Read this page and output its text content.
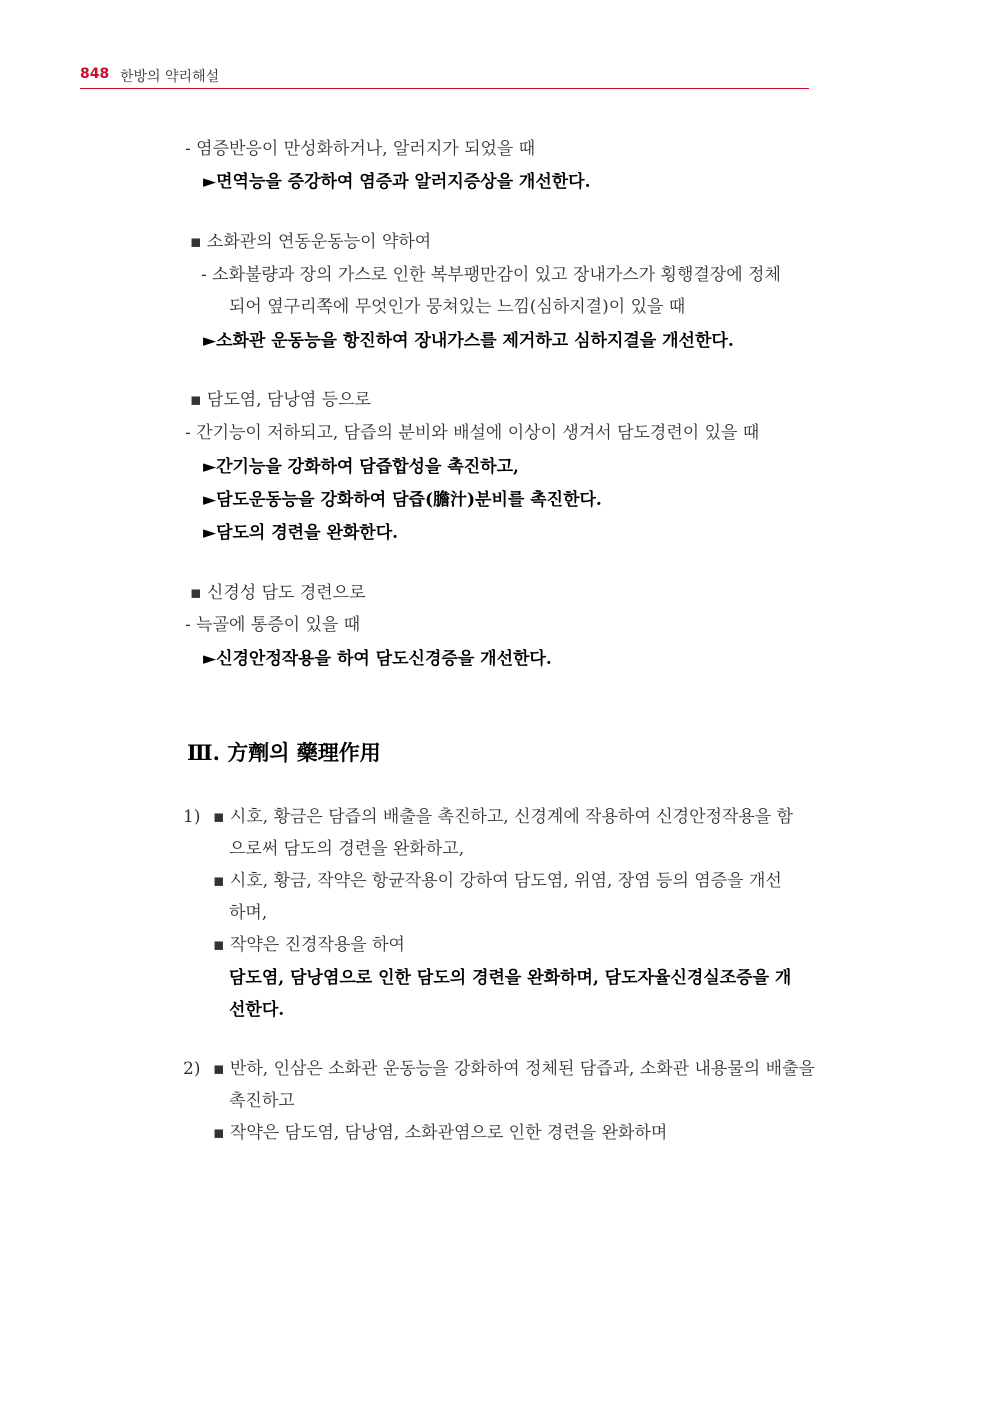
848 한방의 약리해설
- 염증반응이 만성화하거나, 알러지가 되었을 때
►면역능을 증강하여 염증과 알러지증상을 개선한다.
▪ 소화관의 연동운동능이 약하여
- 소화불량과 장의 가스로 인한 복부팽만감이 있고 장내가스가 횡행결장에 정체
되어 옆구리쪽에 무엇인가 뭉쳐있는 느낌(심하지결)이 있을 때
►소화관 운동능을 항진하여 장내가스를 제거하고 심하지결을 개선한다.
▪ 담도염, 담낭염 등으로
- 간기능이 저하되고, 담즙의 분비와 배설에 이상이 생겨서 담도경련이 있을 때
►간기능을 강화하여 담즙합성을 촉진하고,
►담도운동능을 강화하여 담즙(膽汁)분비를 촉진한다.
►담도의 경련을 완화한다.
▪ 신경성 담도 경련으로
- 늑골에 통증이 있을 때
►신경안정작용을 하여 담도신경증을 개선한다.
Ⅲ. 方劑의 藥理作用
1) ▪ 시호, 황금은 담즙의 배출을 촉진하고, 신경계에 작용하여 신경안정작용을 함
으로써 담도의 경련을 완화하고,
▪ 시호, 황금, 작약은 항균작용이 강하여 담도염, 위염, 장염 등의 염증을 개선
하며,
▪ 작약은 진경작용을 하여
담도염, 담낭염으로 인한 담도의 경련을 완화하며, 담도자율신경실조증을 개
선한다.
2) ▪ 반하, 인삼은 소화관 운동능을 강화하여 정체된 담즙과, 소화관 내용물의 배출을
촉진하고
▪ 작약은 담도염, 담낭염, 소화관염으로 인한 경련을 완화하며
